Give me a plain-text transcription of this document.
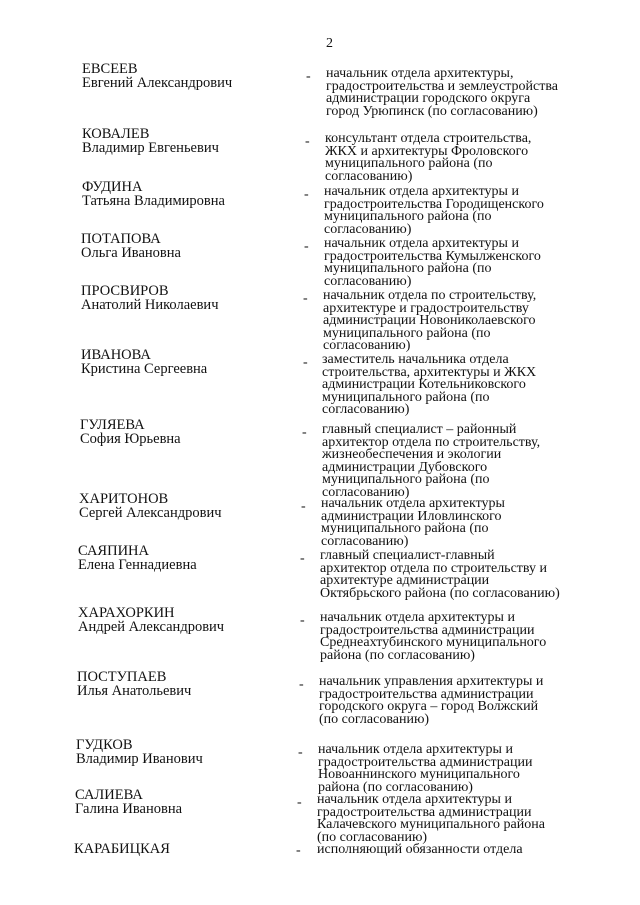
2
ЕВСЕЕВ
Евгений Александрович	- начальник отдела архитектуры, градостроительства и землеустройства администрации городского округа город Урюпинск (по согласованию)
КОВАЛЕВ
Владимир Евгеньевич	- консультант отдела строительства, ЖКХ и архитектуры Фроловского муниципального района (по согласованию)
ФУДИНА
Татьяна Владимировна	- начальник отдела архитектуры и градостроительства Городищенского муниципального района (по согласованию)
ПОТАПОВА
Ольга Ивановна	- начальник отдела архитектуры и градостроительства Кумылженского муниципального района (по согласованию)
ПРОСВИРОВ
Анатолий Николаевич	- начальник отдела по строительству, архитектуре и градостроительству администрации Новониколаевского муниципального района (по согласованию)
ИВАНОВА
Кристина Сергеевна	- заместитель начальника отдела строительства, архитектуры и ЖКХ администрации Котельниковского муниципального района (по согласованию)
ГУЛЯЕВА
София Юрьевна	- главный специалист – районный архитектор отдела по строительству, жизнеобеспечения и экологии администрации Дубовского муниципального района (по согласованию)
ХАРИТОНОВ
Сергей Александрович	- начальник отдела архитектуры администрации Иловлинского муниципального района (по согласованию)
САЯПИНА
Елена Геннадиевна	- главный специалист-главный архитектор отдела по строительству и архитектуре администрации Октябрьского района (по согласованию)
ХАРАХОРКИН
Андрей Александрович	- начальник отдела архитектуры и градостроительства администрации Среднеахтубинского муниципального района (по согласованию)
ПОСТУПАЕВ
Илья Анатольевич	- начальник управления архитектуры и градостроительства администрации городского округа – город Волжский (по согласованию)
ГУДКОВ
Владимир Иванович	- начальник отдела архитектуры и градостроительства администрации Новоаннинского муниципального района (по согласованию)
САЛИЕВА
Галина Ивановна	- начальник отдела архитектуры и градостроительства администрации Калачевского муниципального района (по согласованию)
КАРАБИЦКАЯ	- исполняющий обязанности отдела
